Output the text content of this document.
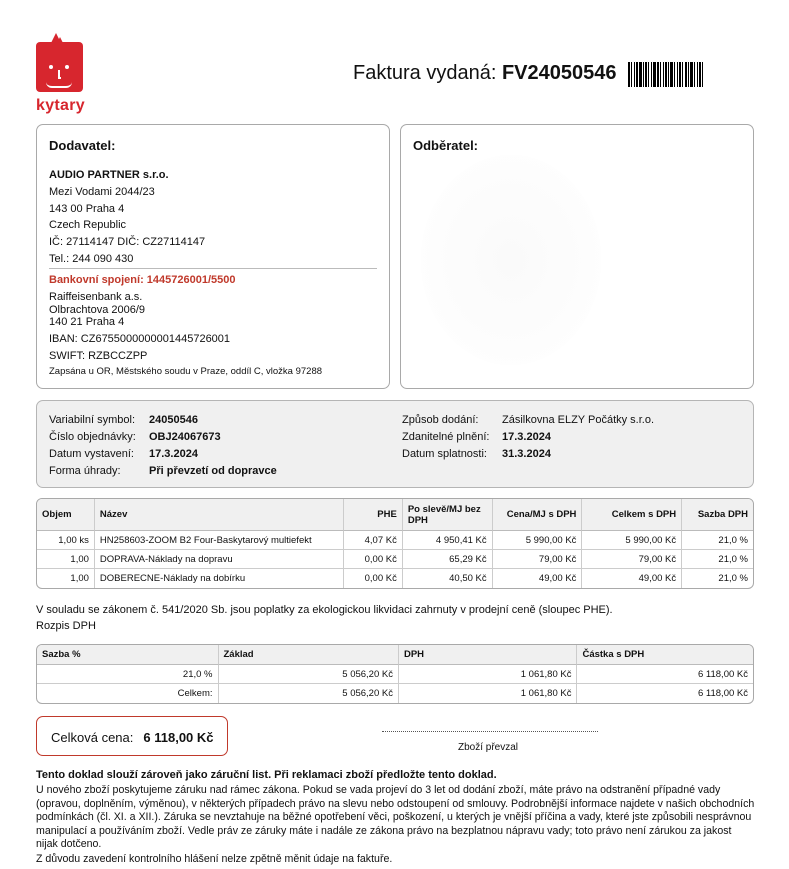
kytary
Faktura vydaná: FV24050546
Dodavatel:
AUDIO PARTNER s.r.o.
Mezi Vodami 2044/23
143 00 Praha 4
Czech Republic
IČ: 27114147 DIČ: CZ27114147
Tel.: 244 090 430
Bankovní spojení: 1445726001/5500
Raiffeisenbank a.s.
Olbrachtova 2006/9
140 21 Praha 4
IBAN: CZ6755000000001445726001
SWIFT: RZBCCZPP
Zapsána u OR, Městského soudu v Praze, oddíl C, vložka 97288
Odběratel:
Variabilní symbol: 24050546
Číslo objednávky: OBJ24067673
Datum vystavení: 17.3.2024
Forma úhrady:	Při převzetí od dopravce
Způsob dodání: Zásilkovna ELZY Počátky s.r.o.
Zdanitelné plnění: 17.3.2024
Datum splatnosti: 31.3.2024
Objem	Název	PHE	Po slevě/MJ bez DPH	Cena/MJ s DPH	Celkem s DPH	Sazba DPH
1,00 ks	HN258603-ZOOM B2 Four-Baskytarový multiefekt	4,07 Kč	4 950,41 Kč	5 990,00 Kč	5 990,00 Kč	21,0 %
1,00	DOPRAVA-Náklady na dopravu	0,00 Kč	65,29 Kč	79,00 Kč	79,00 Kč	21,0 %
1,00	DOBERECNE-Náklady na dobírku	0,00 Kč	40,50 Kč	49,00 Kč	49,00 Kč	21,0 %
V souladu se zákonem č. 541/2020 Sb. jsou poplatky za ekologickou likvidaci zahrnuty v prodejní ceně (sloupec PHE).
Rozpis DPH
Sazba %	Základ	DPH	Částka s DPH
21,0 %	5 056,20 Kč	1 061,80 Kč	6 118,00 Kč
Celkem:	5 056,20 Kč	1 061,80 Kč	6 118,00 Kč
Celková cena: 6 118,00 Kč
Zboží převzal
Tento doklad slouží zároveň jako záruční list. Při reklamaci zboží předložte tento doklad.
U nového zboží poskytujeme záruku nad rámec zákona. Pokud se vada projeví do 3 let od dodání zboží, máte právo na odstranění případné vady (opravou, doplněním, výměnou), v některých případech právo na slevu nebo odstoupení od smlouvy. Podrobnější informace najdete v našich obchodních podmínkách (čl. XI. a XII.). Záruka se nevztahuje na běžné opotřebení věci, poškození, u kterých je vnější příčina a vady, které jste způsobili nesprávnou manipulací a používáním zboží. Vedle práv ze záruky máte i nadále ze zákona právo na bezplatnou nápravu vady; toto právo není zárukou za jakost nijak dotčeno.
Z důvodu zavedení kontrolního hlášení nelze zpětně měnit údaje na faktuře.
